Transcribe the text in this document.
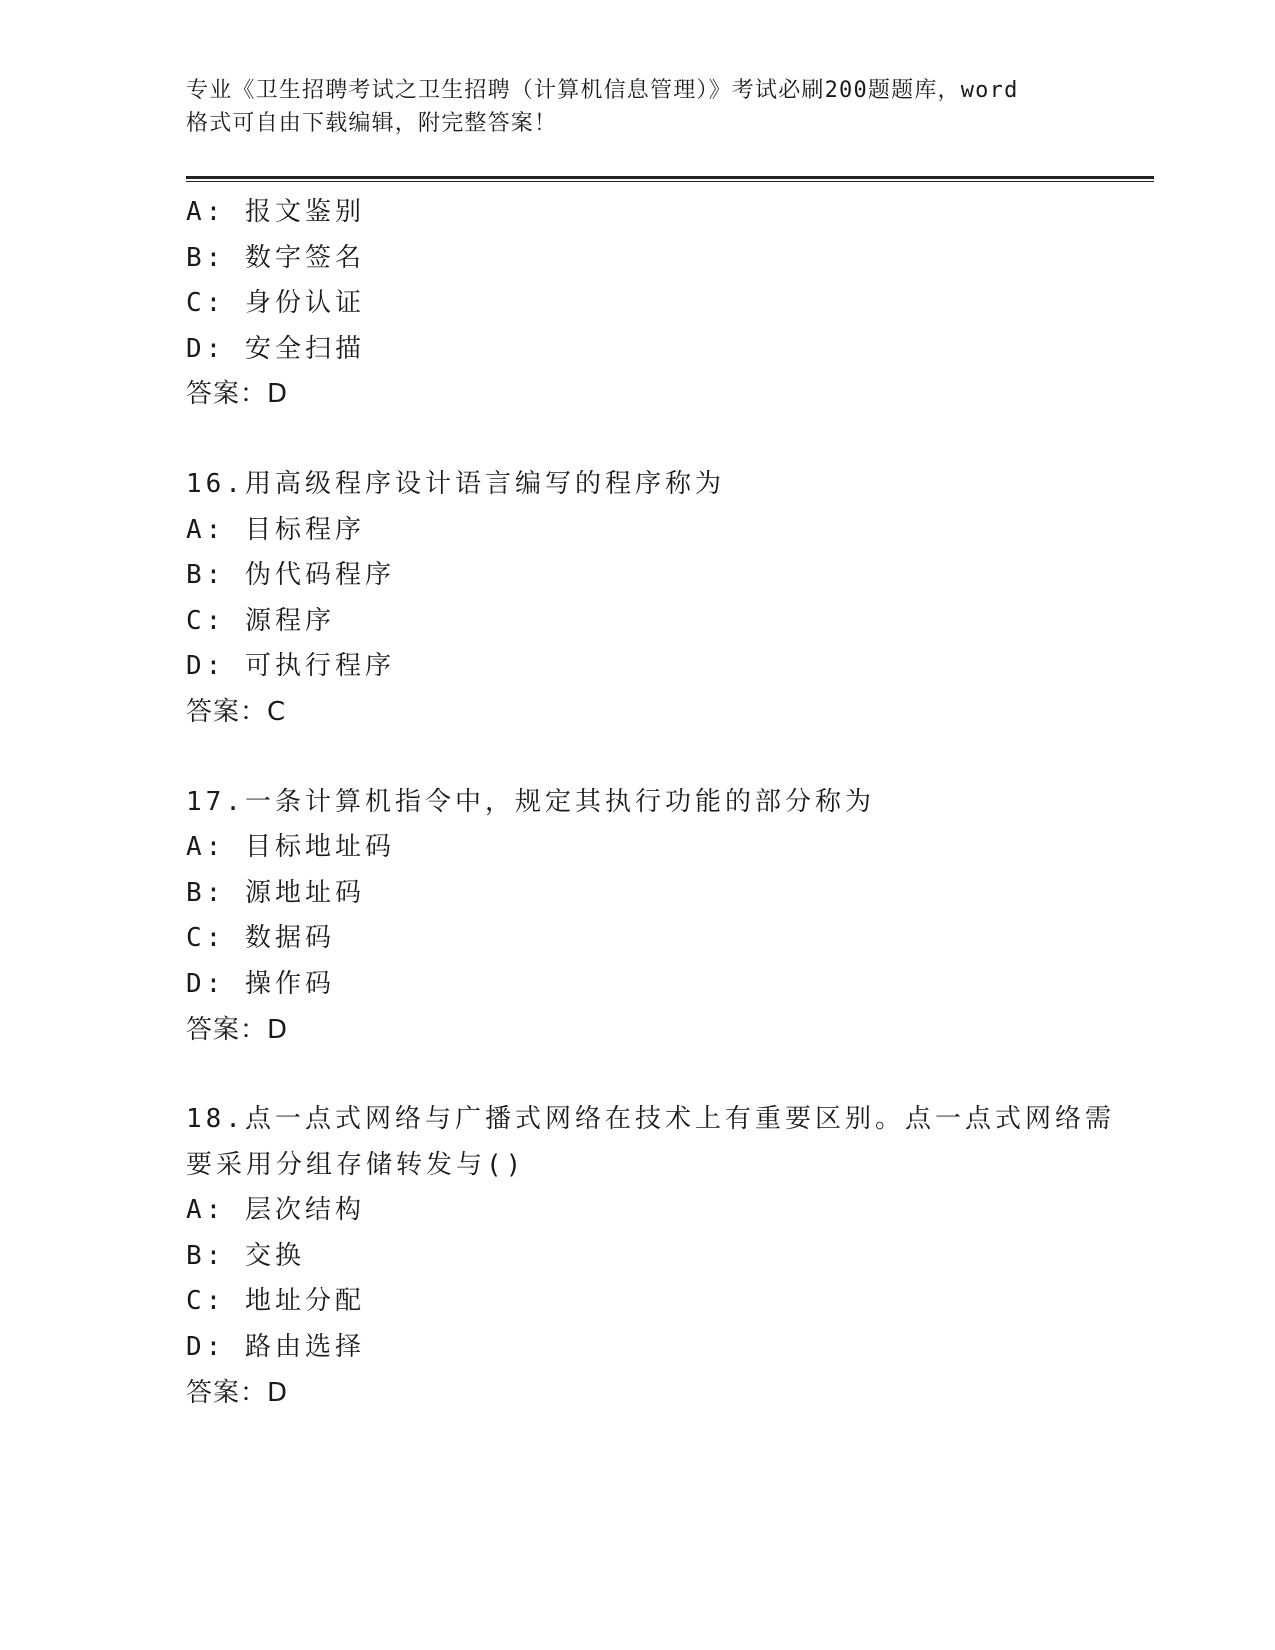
专业《卫生招聘考试之卫生招聘（计算机信息管理）》考试必刷200题题库，word
格式可自由下载编辑，附完整答案！
A: 报文鉴别
B: 数字签名
C: 身份认证
D: 安全扫描
答案：D
16.用高级程序设计语言编写的程序称为
A: 目标程序
B: 伪代码程序
C: 源程序
D: 可执行程序
答案：C
17.一条计算机指令中，规定其执行功能的部分称为
A: 目标地址码
B: 源地址码
C: 数据码
D: 操作码
答案：D
18.点一点式网络与广播式网络在技术上有重要区别。点一点式网络需
要采用分组存储转发与()
A: 层次结构
B: 交换
C: 地址分配
D: 路由选择
答案：D
